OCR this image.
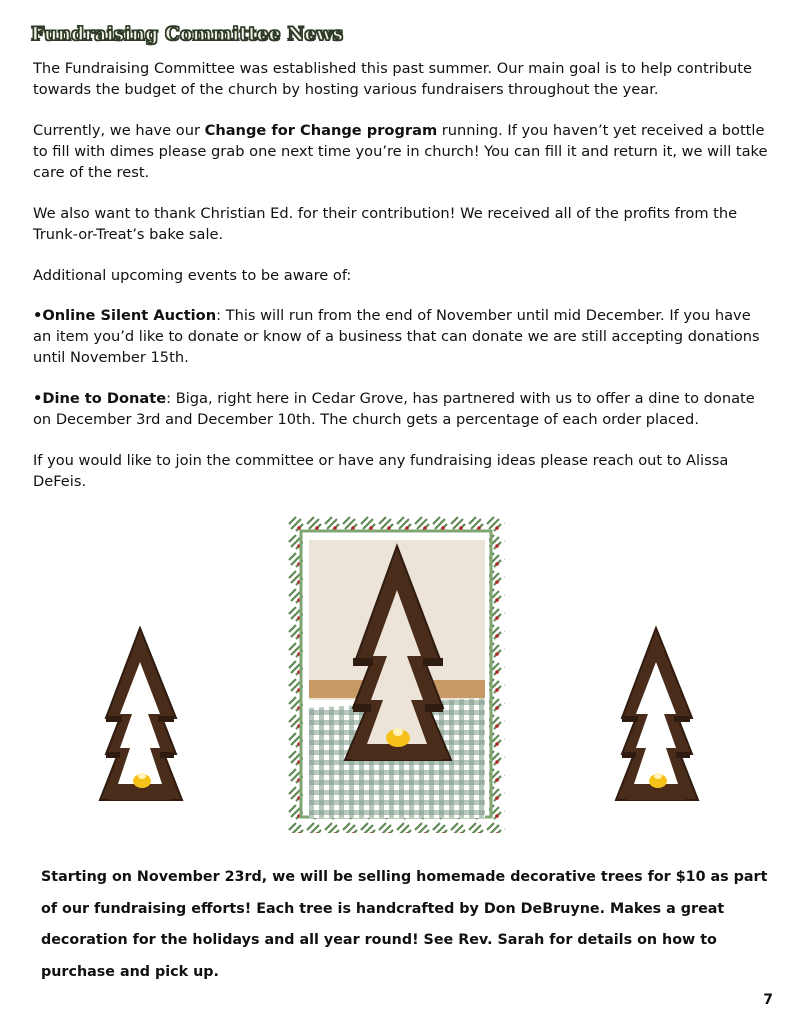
Fundraising Committee News

The Fundraising Committee was established this past summer. Our main goal is to help contribute towards the budget of the church by hosting various fundraisers throughout the year.

Currently, we have our Change for Change program running. If you haven’t yet received a bottle to fill with dimes please grab one next time you’re in church! You can fill it and return it, we will take care of the rest.

We also want to thank Christian Ed. for their contribution! We received all of the profits from the Trunk-or-Treat’s bake sale.

Additional upcoming events to be aware of:

•Online Silent Auction: This will run from the end of November until mid December. If you have an item you’d like to donate or know of a business that can donate we are still accepting donations until November 15th.

•Dine to Donate: Biga, right here in Cedar Grove, has partnered with us to offer a dine to donate on December 3rd and December 10th. The church gets a percentage of each order placed.

If you would like to join the committee or have any fundraising ideas please reach out to Alissa DeFeis.

Starting on November 23rd, we will be selling homemade decorative trees for $10 as part of our fundraising efforts! Each tree is handcrafted by Don DeBruyne. Makes a great decoration for the holidays and all year round! See Rev. Sarah for details on how to purchase and pick up.

7
